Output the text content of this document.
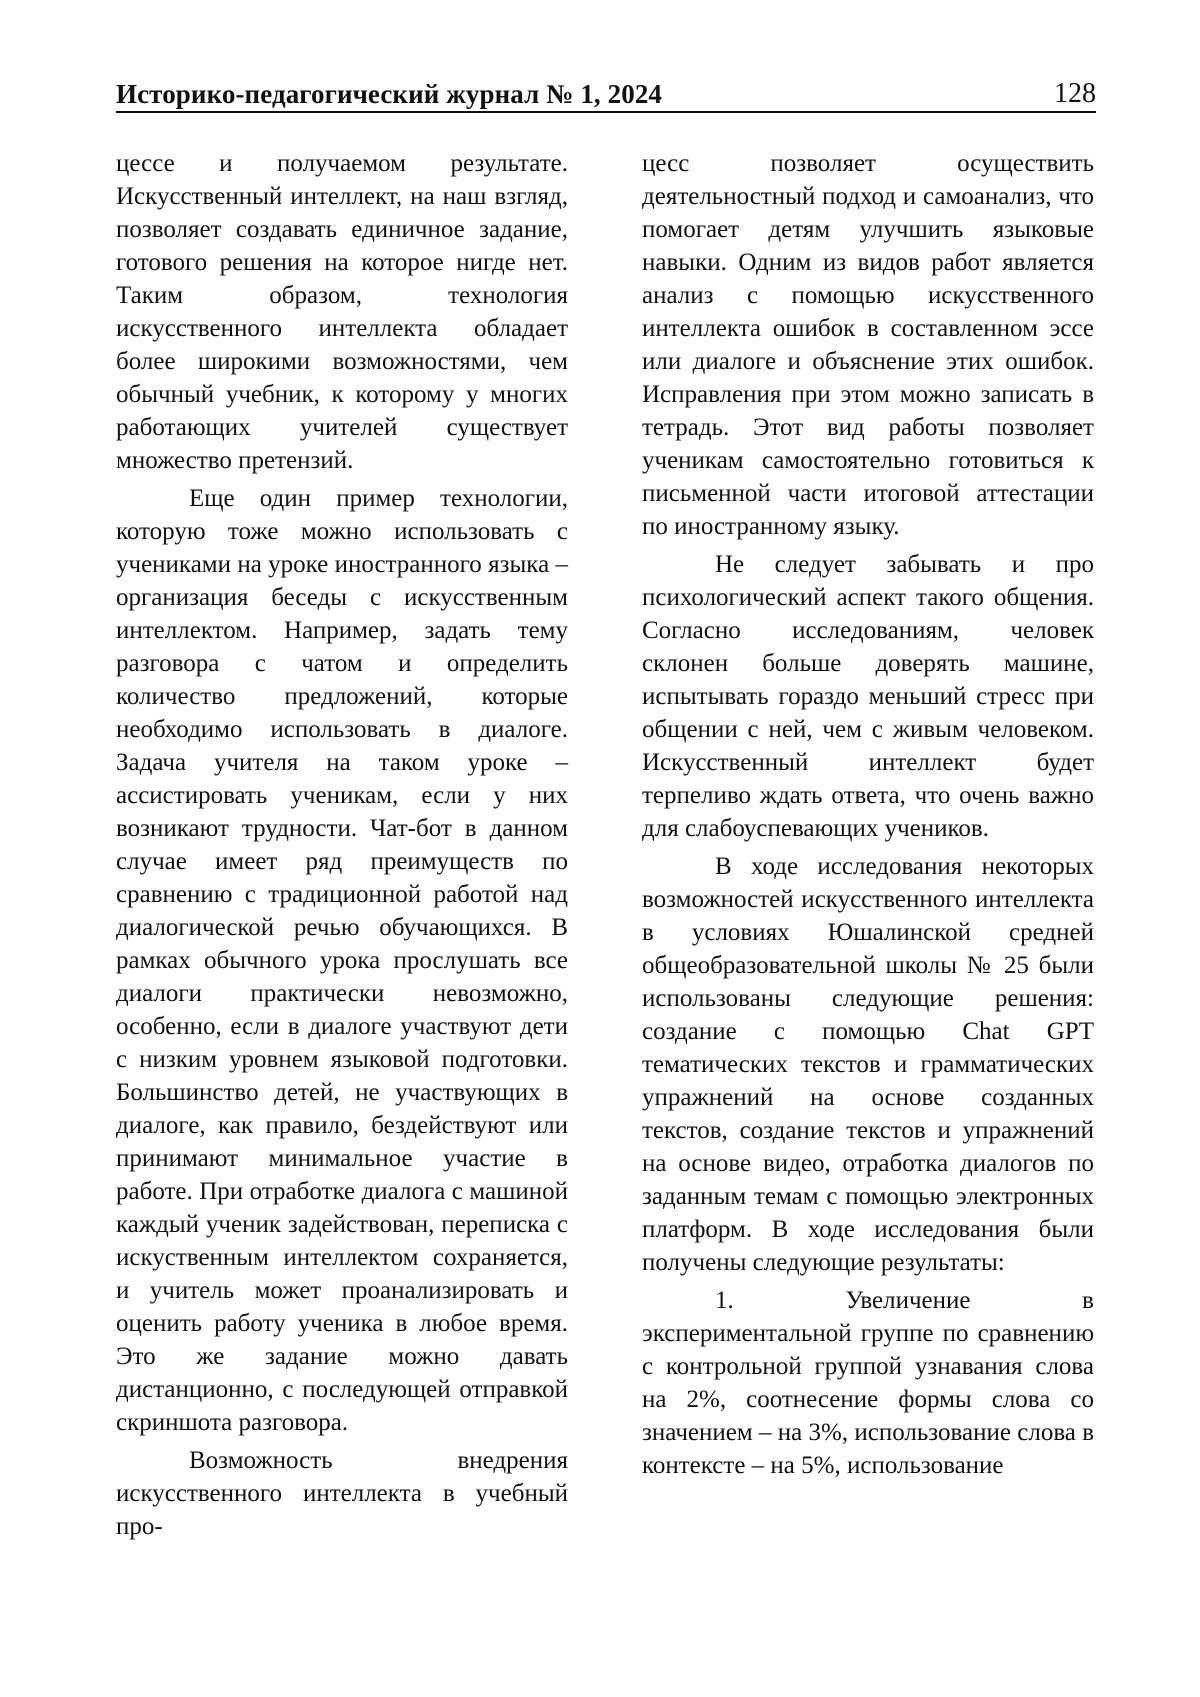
Историко-педагогический журнал № 1, 2024	128

цессе и получаемом результате. Искусственный интеллект, на наш взгляд, позволяет создавать единичное задание, готового решения на которое нигде нет. Таким образом, технология искусственного интеллекта обладает более широкими возможностями, чем обычный учебник, к которому у многих работающих учителей существует множество претензий.

Еще один пример технологии, которую тоже можно использовать с учениками на уроке иностранного языка – организация беседы с искусственным интеллектом. Например, задать тему разговора с чатом и определить количество предложений, которые необходимо использовать в диалоге. Задача учителя на таком уроке – ассистировать ученикам, если у них возникают трудности. Чат-бот в данном случае имеет ряд преимуществ по сравнению с традиционной работой над диалогической речью обучающихся. В рамках обычного урока прослушать все диалоги практически невозможно, особенно, если в диалоге участвуют дети с низким уровнем языковой подготовки. Большинство детей, не участвующих в диалоге, как правило, бездействуют или принимают минимальное участие в работе. При отработке диалога с машиной каждый ученик задействован, переписка с искуственным интеллектом сохраняется, и учитель может проанализировать и оценить работу ученика в любое время. Это же задание можно давать дистанционно, с последующей отправкой скриншота разговора.

Возможность внедрения искусственного интеллекта в учебный про-

цесс позволяет осуществить деятельностный подход и самоанализ, что помогает детям улучшить языковые навыки. Одним из видов работ является анализ с помощью искусственного интеллекта ошибок в составленном эссе или диалоге и объяснение этих ошибок. Исправления при этом можно записать в тетрадь. Этот вид работы позволяет ученикам самостоятельно готовиться к письменной части итоговой аттестации по иностранному языку.

Не следует забывать и про психологический аспект такого общения. Согласно исследованиям, человек склонен больше доверять машине, испытывать гораздо меньший стресс при общении с ней, чем с живым человеком. Искусственный интеллект будет терпеливо ждать ответа, что очень важно для слабоуспевающих учеников.

В ходе исследования некоторых возможностей искусственного интеллекта в условиях Юшалинской средней общеобразовательной школы № 25 были использованы следующие решения: создание с помощью Chat GPT тематических текстов и грамматических упражнений на основе созданных текстов, создание текстов и упражнений на основе видео, отработка диалогов по заданным темам с помощью электронных платформ. В ходе исследования были получены следующие результаты:

1. Увеличение в экспериментальной группе по сравнению с контрольной группой узнавания слова на 2%, соотнесение формы слова со значением – на 3%, использование слова в контексте – на 5%, использование
